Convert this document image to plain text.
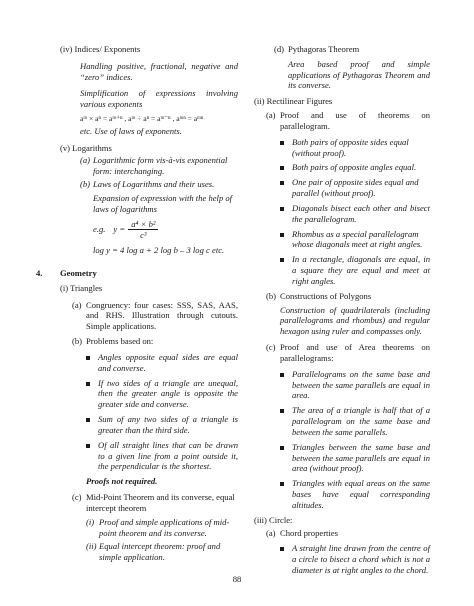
(iv) Indices/ Exponents

Handling positive, fractional, negative and “zero” indices.

Simplification of expressions involving various exponents

aᵐ × aⁿ = aᵐ⁺ⁿ , aᵐ ÷ aⁿ = aᵐ⁻ⁿ , aᵐⁿ = aᵐⁿ

etc. Use of laws of exponents.

(v) Logarithms
(a) Logarithmic form vis-à-vis exponential form: interchanging.
(b) Laws of Logarithms and their uses.

Expansion of expression with the help of laws of logarithms

e.g. $y = \frac{\text{a⁴ × b²}}{\text{c³}}$

log y = 4 log a + 2 log b – 3 log c etc.

4.	Geometry
(i) Triangles
(a) Congruency: four cases: SSS, SAS, AAS, and RHS. Illustration through cutouts. Simple applications.
(b) Problems based on:
Angles opposite equal sides are equal and converse.
If two sides of a triangle are unequal, then the greater angle is opposite the greater side and converse.
Sum of any two sides of a triangle is greater than the third side.
Of all straight lines that can be drawn to a given line from a point outside it, the perpendicular is the shortest.

Proofs not required.

(c) Mid-Point Theorem and its converse, equal intercept theorem
(i) Proof and simple applications of mid-point theorem and its converse.
(ii) Equal intercept theorem: proof and simple application.
(d) Pythagoras Theorem

Area based proof and simple applications of Pythagoras Theorem and its converse.

(ii) Rectilinear Figures
(a) Proof and use of theorems on parallelogram.
Both pairs of opposite sides equal (without proof).
Both pairs of opposite angles equal.
One pair of opposite sides equal and parallel (without proof).
Diagonals bisect each other and bisect the parallelogram.
Rhombus as a special parallelogram whose diagonals meet at right angles.
In a rectangle, diagonals are equal, in a square they are equal and meet at right angles.
(b) Constructions of Polygons

Construction of quadrilaterals (including parallelograms and rhombus) and regular hexagon using ruler and compasses only.

(c) Proof and use of Area theorems on parallelograms:
Parallelograms on the same base and between the same parallels are equal in area.
The area of a triangle is half that of a parallelogram on the same base and between the same parallels.
Triangles between the same base and between the same parallels are equal in area (without proof).
Triangles with equal areas on the same bases have equal corresponding altitudes.
(iii) Circle:
(a) Chord properties
A straight line drawn from the centre of a circle to bisect a chord which is not a diameter is at right angles to the chord.
88
